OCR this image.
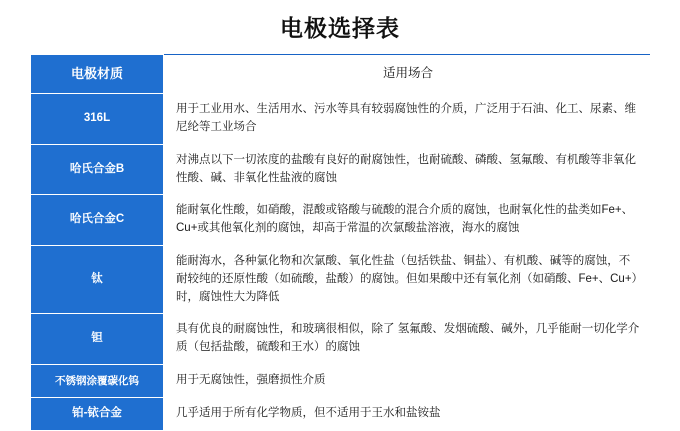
电极选择表
电极材质	适用场合
316L	用于工业用水、生活用水、污水等具有较弱腐蚀性的介质，广泛用于石油、化工、尿素、维尼纶等工业场合
哈氏合金B	对沸点以下一切浓度的盐酸有良好的耐腐蚀性，也耐硫酸、磷酸、氢氟酸、有机酸等非氧化性酸、碱、非氧化性盐液的腐蚀
哈氏合金C	能耐氧化性酸，如硝酸，混酸或铬酸与硫酸的混合介质的腐蚀，也耐氧化性的盐类如Fe+、Cu+或其他氧化剂的腐蚀，却高于常温的次氯酸盐溶液，海水的腐蚀
钛	能耐海水，各种氯化物和次氯酸、氧化性盐（包括铁盐、铜盐）、有机酸、碱等的腐蚀，不耐较纯的还原性酸（如硫酸，盐酸）的腐蚀。但如果酸中还有氧化剂（如硝酸、Fe+、Cu+）时，腐蚀性大为降低
钽	具有优良的耐腐蚀性，和玻璃很相似，除了 氢氟酸、发烟硫酸、碱外，几乎能耐一切化学介质（包括盐酸，硫酸和王水）的腐蚀
不锈钢涂覆碳化钨	用于无腐蚀性，强磨损性介质
铂-铱合金	几乎适用于所有化学物质，但不适用于王水和盐铵盐
